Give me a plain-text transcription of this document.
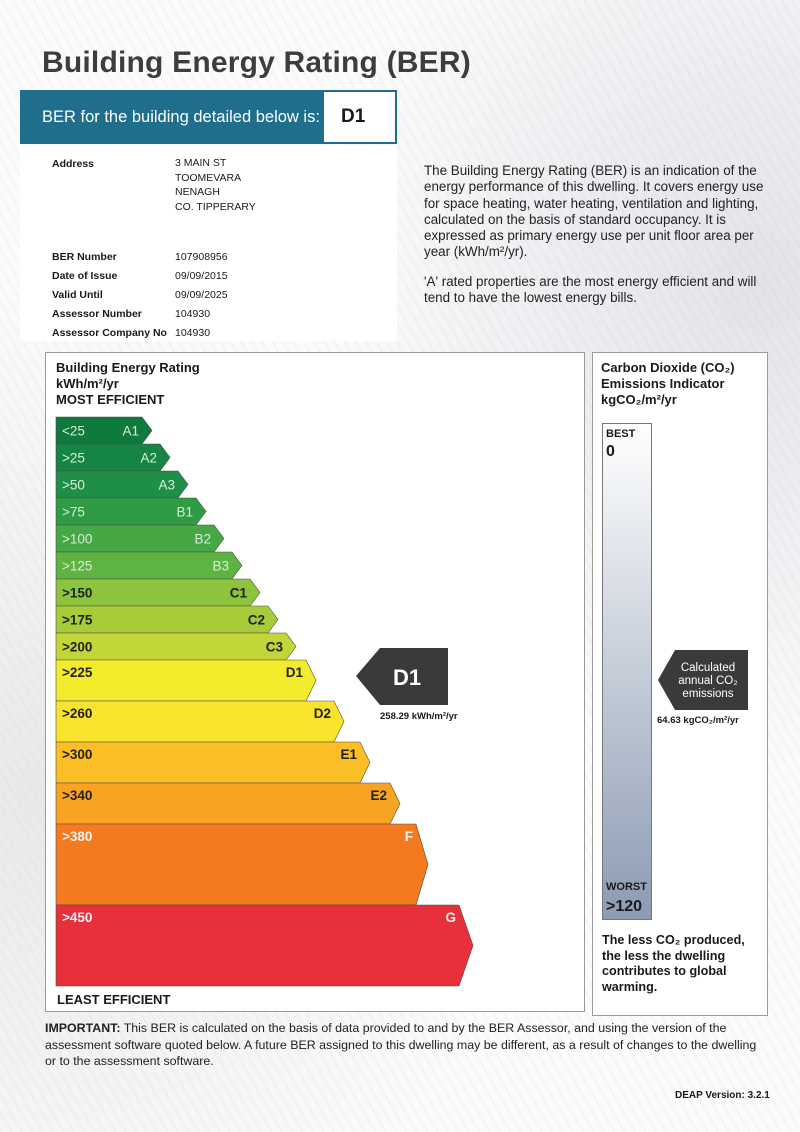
Building Energy Rating (BER)
BER for the building detailed below is: D1
Address	3 MAIN ST
TOOMEVARA
NENAGH
CO. TIPPERARY
BER Number	107908956
Date of Issue	09/09/2015
Valid Until	09/09/2025
Assessor Number	104930
Assessor Company No 104930

The Building Energy Rating (BER) is an indication of the energy performance of this dwelling. It covers energy use for space heating, water heating, ventilation and lighting, calculated on the basis of standard occupancy. It is expressed as primary energy use per unit floor area per year (kWh/m²/yr).

'A' rated properties are the most energy efficient and will tend to have the lowest energy bills.

Building Energy Rating
kWh/m²/yr
MOST EFFICIENT
LEAST EFFICIENT
<25	A1
>25	A2
>50	A3
>75	B1
>100	B2
>125	B3
>150	C1
>175	C2
>200	C3
>225	D1
>260	D2
>300	E1
>340	E2
>380	F
>450	G
D1
258.29 kWh/m²/yr
Carbon Dioxide (CO₂)
Emissions Indicator
kgCO₂/m²/yr
BEST
0
WORST
>120
Calculated
annual CO₂
emissions
64.63 kgCO₂/m²/yr
The less CO₂ produced, the less the dwelling contributes to global warming.
IMPORTANT: This BER is calculated on the basis of data provided to and by the BER Assessor, and using the version of the assessment software quoted below. A future BER assigned to this dwelling may be different, as a result of changes to the dwelling or to the assessment software.
DEAP Version: 3.2.1
